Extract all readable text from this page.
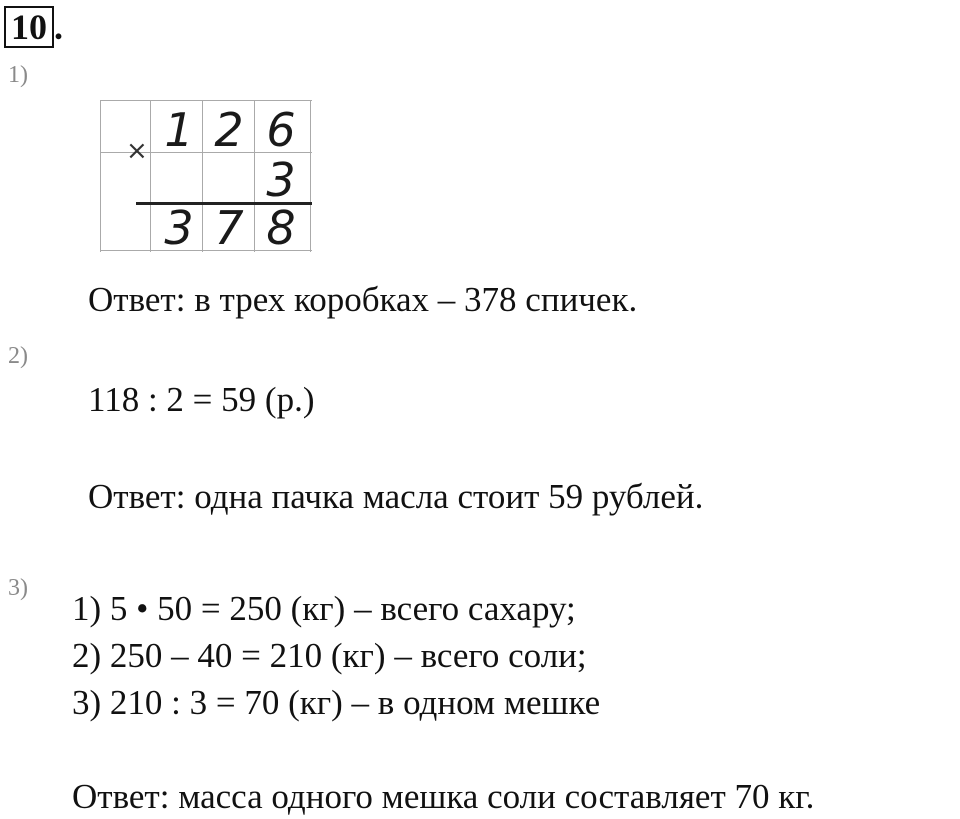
10 .
1)
× 1 2 6
3
3 7 8
Ответ: в трех коробках – 378 спичек.
2)
118 : 2 = 59 (р.)
Ответ: одна пачка масла стоит 59 рублей.
3)
1) 5 • 50 = 250 (кг) – всего сахару;
2) 250 – 40 = 210 (кг) – всего соли;
3) 210 : 3 = 70 (кг) – в одном мешке
Ответ: масса одного мешка соли составляет 70 кг.
